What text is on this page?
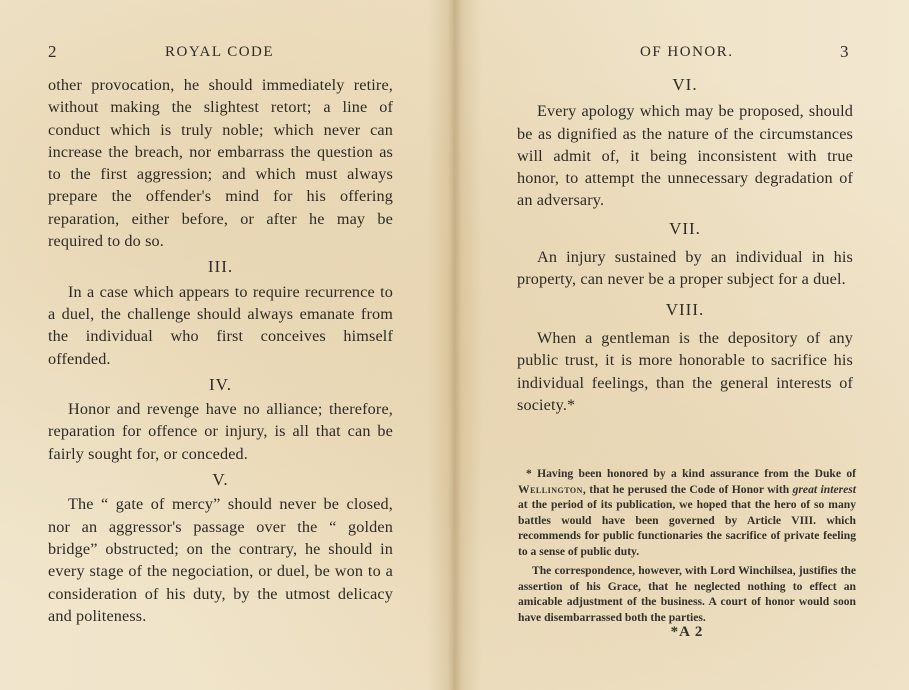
2	ROYAL CODE

other provocation, he should immediately retire, without making the slightest retort; a line of conduct which is truly noble; which never can increase the breach, nor embarrass the question as to the first aggression; and which must always prepare the offender's mind for his offering reparation, either before, or after he may be required to do so.

III.

In a case which appears to require recurrence to a duel, the challenge should always emanate from the individual who first conceives himself offended.

IV.

Honor and revenge have no alliance; therefore, reparation for offence or injury, is all that can be fairly sought for, or conceded.

V.

The “ gate of mercy” should never be closed, nor an aggressor's passage over the “ golden bridge” obstructed; on the contrary, he should in every stage of the negociation, or duel, be won to a consideration of his duty, by the utmost delicacy and politeness.

OF HONOR.	3

VI.

Every apology which may be proposed, should be as dignified as the nature of the circumstances will admit of, it being inconsistent with true honor, to attempt the unnecessary degradation of an adversary.

VII.

An injury sustained by an individual in his property, can never be a proper subject for a duel.

VIII.

When a gentleman is the depository of any public trust, it is more honorable to sacrifice his individual feelings, than the general interests of society.*

* Having been honored by a kind assurance from the Duke of Wellington, that he perused the Code of Honor with great interest at the period of its publication, we hoped that the hero of so many battles would have been governed by Article VIII. which recommends for public functionaries the sacrifice of private feeling to a sense of public duty.

The correspondence, however, with Lord Winchilsea, justifies the assertion of his Grace, that he neglected nothing to effect an amicable adjustment of the business. A court of honor would soon have disembarrassed both the parties.

*A 2
